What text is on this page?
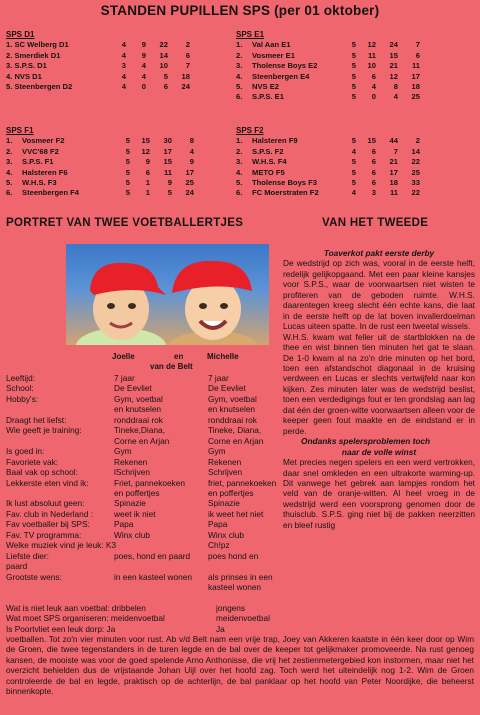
STANDEN PUPILLEN SPS (per 01 oktober)
SPS D1
1. SC Welberg D1	4	9	22	2
2. Smerdiek D1	4	9	14	6
3. S.P.S. D1	3	4	10	7
4. NVS D1	4	4	5	18
5. Steenbergen D2	4	0	6	24
SPS E1
1.	Val Aan E1	5	12	24	7
2.	Vosmeer E1	5	11	15	6
3.	Tholense Boys E2	5	10	21	11
4.	Steenbergen E4	5	6	12	17
5.	NVS E2	5	4	8	18
6.	S.P.S. E1	5	0	4	25
SPS F1
1.	Vosmeer F2	5	15	30	8
2.	VVC'68 F2	5	12	17	4
3.	S.P.S. F1	5	9	15	9
4.	Halsteren F6	5	6	11	17
5.	W.H.S. F3	5	1	9	25
6.	Steenbergen F4	5	1	5	24
SPS F2
1.	Halsteren F9	5	15	44	2
2.	S.P.S. F2	4	6	7	14
3.	W.H.S. F4	5	6	21	22
4.	METO F5	5	6	17	25
5.	Tholense Boys F3	5	6	18	33
6.	FC Moerstraten F2	4	3	11	22
PORTRET VAN TWEE VOETBALLERTJES	VAN HET TWEEDE
Joelle	en	Michelle
van de Belt
Leeftijd:	7 jaar	7 jaar
School:	De Eevliet	De Eevliet
Hobby's:	Gym, voetbal	Gym, voetbal
en knutselen	en knutselen
Draagt het liefst:	ronddraai rok	ronddraai rok
Wie geeft je training:	Tineke,Diana,	Tineke, Diana,
Corne en Arjan	Corne en Arjan
Is goed in:	Gym	Gym
Favoriete vak:	Rekenen	Rekenen
Baal vak op school:	lSchrijven	Schrijven
Lekkerste eten vind ik:	Friet, pannekoeken	friet, pannekoeken
en poffertjes	en poffertjes
Ik lust absoluut geen:	Spinazie	Spinazie
Fav. club in Nederland :	weet ik niet	ik weet het niet
Fav voetballer bij SPS:	Papa	Papa
Fav. TV programma:	Winx club	Winx club
Welke muziek vind je leuk: K3	Ch!pz
Liefste dier:	poes, hond en paard	poes hond en
paard
Grootste wens:	in een kasteel wonen	als prinses in een
kasteel wonen
Wat is niet leuk aan voetbal: dribbelen	jongens
Wat moet SPS organiseren: meidenvoetbal	meidenvoetbal
Is Poortvliet een leuk dorp: Ja	Ja
Toaverkot pakt eerste derby

De wedstrijd op zich was, vooral in de eerste helft, redelijk gelijkopgaand. Met een paar kleine kansjes voor S.P.S., waar de voorwaartsen niet wisten te profiteren van de geboden ruimte. W.H.S. daarentegen kreeg slecht één echte kans, die laat in de eerste helft op de lat boven invallerdoelman Lucas uiteen spatte. In de rust een tweetal wissels.

W.H.S. kwam wat feller uit de startblokken na de thee en wist binnen tien minuten het gat te slaan. De 1-0 kwam al na zo'n drie minuten op het bord, toen een afstandschot diagonaal in de kruising verdween en Lucas er slechts vertwijfeld naar kon kijken. Zes minuten later was de wedstrijd beslist, toen een verdedigings fout er ten grondslag aan lag dat één der groen-witte voorwaartsen alleen voor de keeper geen fout maakte en de eindstand er in perde.

Ondanks spelersproblemen toch
naar de volle winst

Met precies negen spelers en een werd vertrokken, daar snel omkleden en een ultrakorte warming-up. Dit vanwege het gebrek aan lampjes rondom het veld van de oranje-witten. Al heel vroeg in de wedstrijd werd een voorsprong genomen door de thuisclub. S.P.S. ging niet bij de pakken neerzitten en bleef rustig

voetballen. Tot zo'n vier minuten voor rust. Ab v/d Belt nam een vrije trap, Joey van Akkeren kaatste in één keer door op Wim de Groen, die twee tegenstanders in de turen legde en de bal over de keeper tot gelijkmaker promoveerde. Na rust genoeg kansen, de mooiste was voor de goed spelende Arno Anthonisse, die vrij het zestienmetergebied kon instormen, maar niet het overzicht behielden dus de vrijstaande Johan Uijl over het hoofd zag. Toch werd het uiteindelijk nog 1-2. Wim de Groen controleerde de bal en legde, praktisch op de achterlijn, de bal panklaar op het hoofd van Peter Noordijke, die beheerst binnenkopte.
